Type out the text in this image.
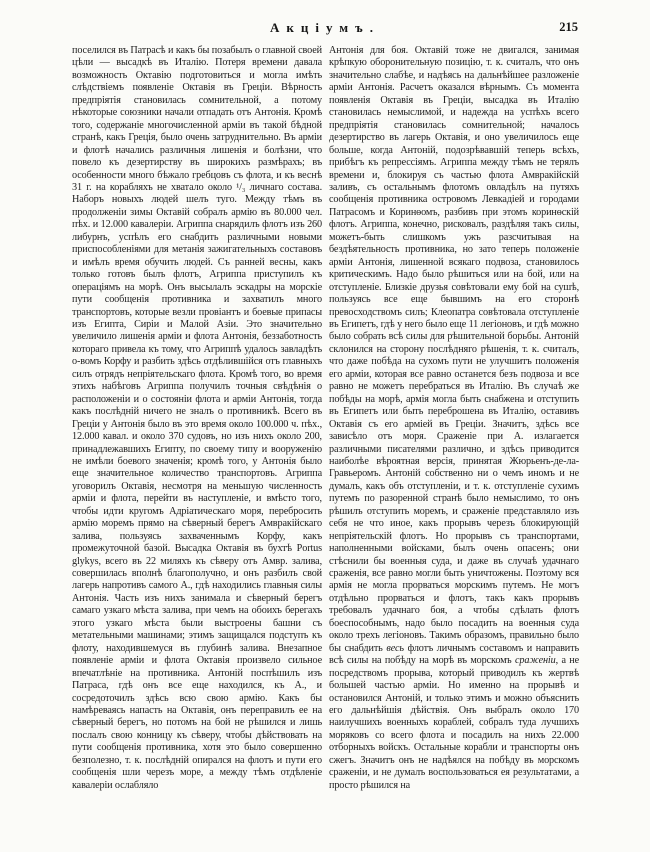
Акціумъ.	215
поселился въ Патрасѣ и какъ бы позабылъ о главной своей цѣли — высадкѣ въ Италію. Потеря времени давала возможность Октавію подготовиться и могла имѣть слѣдствіемъ появленіе Октавія въ Греціи. Вѣрность предпріятія становилась сомнительной, а потому нѣкоторые союзники начали отпадать отъ Антонія. Кромѣ того, содержаніе многочисленной арміи въ такой бѣдной странѣ, какъ Греція, было очень затруднительно. Въ арміи и флотѣ начались различныя лишенія и болѣзни, что повело къ дезертирству въ широкихъ размѣрахъ; въ особенности много бѣжало гребцовъ съ флота, и къ веснѣ 31 г. на корабляхъ не хватало около ¹/₃ личнаго состава. Наборъ новыхъ людей шелъ туго. Между тѣмъ въ продолженіи зимы Октавій собралъ армію въ 80.000 чел. пѣх. и 12.000 кавалеріи. Агриппа снарядилъ флотъ изъ 260 либурнъ, успѣлъ его снабдить различными новыми приспособленіями для метанія зажигательныхъ составовъ и имѣлъ время обучить людей. Съ ранней весны, какъ только готовъ былъ флотъ, Агриппа приступилъ къ операціямъ на морѣ. Онъ высылалъ эскадры на морскіе пути сообщенія противника и захватилъ много транспортовъ, которые везли провіантъ и боевые припасы изъ Египта, Сиріи и Малой Азіи. Это значительно увеличило лишенія арміи и флота Антонія, беззаботность котораго привела къ тому, что Агриппѣ удалось завладѣть о-вомъ Корфу и разбить здѣсь отдѣлившійся отъ главныхъ силъ отрядъ непріятельскаго флота. Кромѣ того, во время этихъ набѣговъ Агриппа получилъ точныя свѣдѣнія о расположеніи и о состояніи флота и арміи Антонія, тогда какъ послѣдній ничего не зналъ о противникѣ. Всего въ Греціи у Антонія было въ это время около 100.000 ч. пѣх., 12.000 кавал. и около 370 судовъ, но изъ нихъ около 200, принадлежавшихъ Египту, по своему типу и вооруженію не имѣли боевого значенія; кромѣ того, у Антонія было еще значительное количество транспортовъ. Агриппа уговорилъ Октавія, несмотря на меньшую численность арміи и флота, перейти въ наступленіе, и вмѣсто того, чтобы идти кругомъ Адріатическаго моря, перебросить армію моремъ прямо на сѣверный берегъ Амвракійскаго залива, пользуясь захваченнымъ Корфу, какъ промежуточной базой. Высадка Октавія въ бухтѣ Portus glykys, всего въ 22 миляхъ къ сѣверу отъ Амвр. залива, совершилась вполнѣ благополучно, и онъ разбилъ свой лагерь напротивъ самого А., гдѣ находились главныя силы Антонія. Часть изъ нихъ занимала и сѣверный берегъ самаго узкаго мѣста залива, при чемъ на обоихъ берегахъ этого узкаго мѣста были выстроены башни съ метательными машинами; этимъ защищался подступъ къ флоту, находившемуся въ глубинѣ залива. Внезапное появленіе арміи и флота Октавія произвело сильное впечатлѣніе на противника. Антоній поспѣшилъ изъ Патраса, гдѣ онъ все еще находился, къ А., и сосредоточилъ здѣсь всю свою армію. Какъ бы намѣреваясь напасть на Октавія, онъ переправилъ ее на сѣверный берегъ, но потомъ на бой не рѣшился и лишь послалъ свою конницу къ сѣверу, чтобы дѣйствовать на пути сообщенія противника, хотя это было совершенно безполезно, т. к. послѣдній опирался на флотъ и пути его сообщенія шли черезъ море, а между тѣмъ отдѣленіе кавалеріи ослабляло
Антонія для боя. Октавій тоже не двигался, занимая крѣпкую оборонительную позицію, т. к. считалъ, что онъ значительно слабѣе, и надѣясь на дальнѣйшее разложеніе арміи Антонія. Расчетъ оказался вѣрнымъ. Съ момента появленія Октавія въ Греціи, высадка въ Италію становилась немыслимой, и надежда на успѣхъ всего предпріятія становилась сомнительной; началось дезертирство въ лагерь Октавія, и оно увеличилось еще больше, когда Антоній, подозрѣвавшій теперь всѣхъ, прибѣгъ къ репрессіямъ. Агриппа между тѣмъ не терялъ времени и, блокируя съ частью флота Амвракійскій заливъ, съ остальнымъ флотомъ овладѣлъ на путяхъ сообщенія противника островомъ Левкадіей и городами Патрасомъ и Коринѳомъ, разбивъ при этомъ коринѳскій флотъ. Агриппа, конечно, рисковалъ, раздѣляя такъ силы, можетъ-быть слишкомъ ужъ разсчитывая на бездѣятельность противника, но зато теперь положеніе арміи Антонія, лишенной всякаго подвоза, становилось критическимъ. Надо было рѣшиться или на бой, или на отступленіе. Близкіе друзья совѣтовали ему бой на сушѣ, пользуясь все еще бывшимъ на его сторонѣ превосходствомъ силъ; Клеопатра совѣтовала отступленіе въ Египетъ, гдѣ у него было еще 11 легіоновъ, и гдѣ можно было собрать всѣ силы для рѣшительной борьбы. Антоній склонился на сторону послѣдняго рѣшенія, т. к. считалъ, что даже побѣда на сухомъ пути не улучшитъ положенія его арміи, которая все равно останется безъ подвоза и все равно не можетъ перебраться въ Италію. Въ случаѣ же побѣды на морѣ, армія могла быть снабжена и отступить въ Египетъ или быть переброшена въ Италію, оставивъ Октавія съ его арміей въ Греціи. Значитъ, здѣсь все зависѣло отъ моря. Сраженіе при А. излагается различными писателями различно, и здѣсь приводится наиболѣе вѣроятная версія, принятая Жюрьенъ-де-ла-Гравьеромъ. Антоній собственно ни о чемъ иномъ и не думалъ, какъ объ отступленіи, и т. к. отступленіе сухимъ путемъ по разоренной странѣ было немыслимо, то онъ рѣшилъ отступить моремъ, и сраженіе представляло изъ себя не что иное, какъ прорывъ черезъ блокирующій непріятельскій флотъ. Но прорывъ съ транспортами, наполненными войсками, былъ очень опасенъ; они стѣснили бы военныя суда, и даже въ случаѣ удачнаго сраженія, все равно могли быть уничтожены. Поэтому вся армія не могла прорваться морскимъ путемъ. Не могъ отдѣльно прорваться и флотъ, такъ какъ прорывъ требовалъ удачнаго боя, а чтобы сдѣлать флотъ боеспособнымъ, надо было посадить на военныя суда около трехъ легіоновъ. Такимъ образомъ, правильно было бы снабдить весь флотъ личнымъ составомъ и направить всѣ силы на побѣду на морѣ въ морскомъ сраженіи, а не посредствомъ прорыва, который приводилъ къ жертвѣ большей частью арміи. Но именно на прорывѣ и остановился Антоній, и только этимъ и можно объяснить его дальнѣйшія дѣйствія. Онъ выбралъ около 170 наилучшихъ военныхъ кораблей, собралъ туда лучшихъ моряковъ со всего флота и посадилъ на нихъ 22.000 отборныхъ войскъ. Остальные корабли и транспорты онъ сжегъ. Значитъ онъ не надѣялся на побѣду въ морскомъ сраженіи, и не думалъ воспользоваться ея результатами, а просто рѣшился на
